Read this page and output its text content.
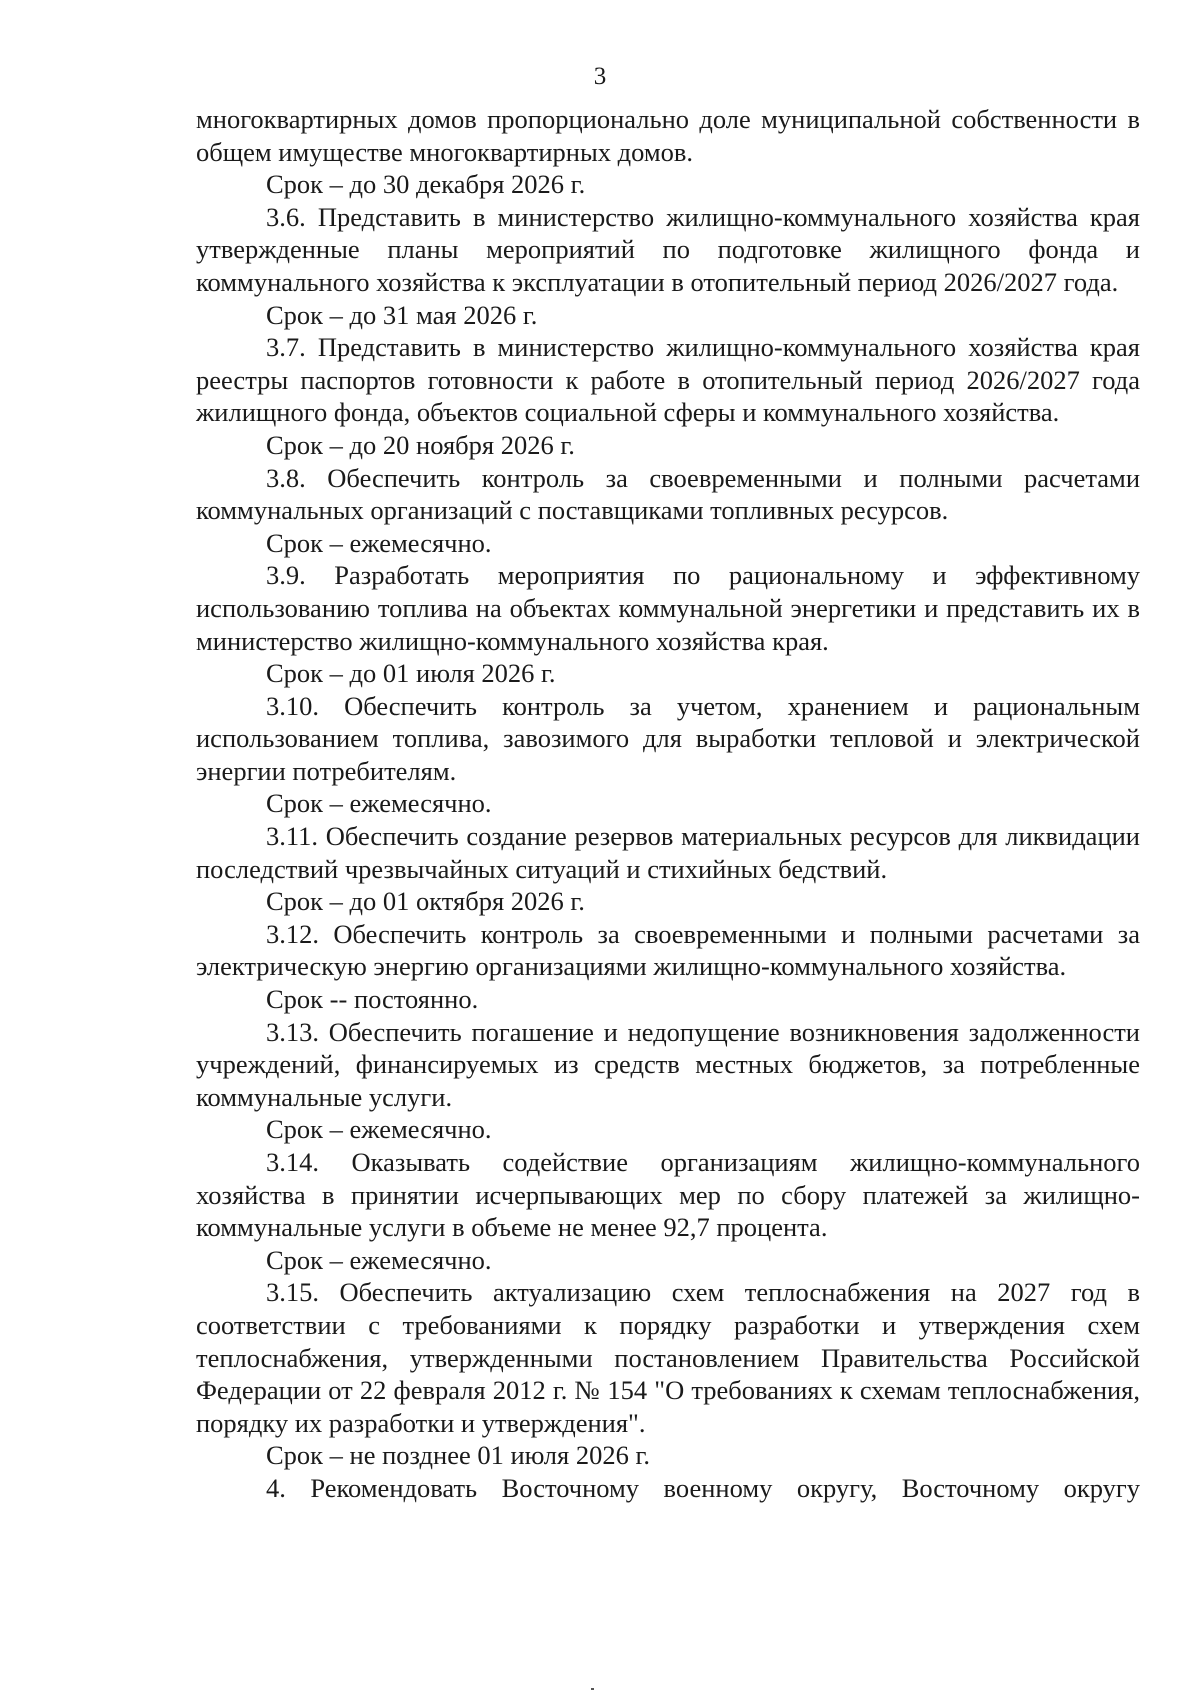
3

многоквартирных домов пропорционально доле муниципальной собственности в общем имуществе многоквартирных домов.

Срок – до 30 декабря 2026 г.

3.6. Представить в министерство жилищно-коммунального хозяйства края утвержденные планы мероприятий по подготовке жилищного фонда и коммунального хозяйства к эксплуатации в отопительный период 2026/2027 года.

Срок – до 31 мая 2026 г.

3.7. Представить в министерство жилищно-коммунального хозяйства края реестры паспортов готовности к работе в отопительный период 2026/2027 года жилищного фонда, объектов социальной сферы и коммунального хозяйства.

Срок – до 20 ноября 2026 г.

3.8. Обеспечить контроль за своевременными и полными расчетами коммунальных организаций с поставщиками топливных ресурсов.

Срок – ежемесячно.

3.9. Разработать мероприятия по рациональному и эффективному использованию топлива на объектах коммунальной энергетики и представить их в министерство жилищно-коммунального хозяйства края.

Срок – до 01 июля 2026 г.

3.10. Обеспечить контроль за учетом, хранением и рациональным использованием топлива, завозимого для выработки тепловой и электрической энергии потребителям.

Срок – ежемесячно.

3.11. Обеспечить создание резервов материальных ресурсов для ликвидации последствий чрезвычайных ситуаций и стихийных бедствий.

Срок – до 01 октября 2026 г.

3.12. Обеспечить контроль за своевременными и полными расчетами за электрическую энергию организациями жилищно-коммунального хозяйства.

Срок -- постоянно.

3.13. Обеспечить погашение и недопущение возникновения задолженности учреждений, финансируемых из средств местных бюджетов, за потребленные коммунальные услуги.

Срок – ежемесячно.

3.14. Оказывать содействие организациям жилищно-коммунального хозяйства в принятии исчерпывающих мер по сбору платежей за жилищно-коммунальные услуги в объеме не менее 92,7 процента.

Срок – ежемесячно.

3.15. Обеспечить актуализацию схем теплоснабжения на 2027 год в соответствии с требованиями к порядку разработки и утверждения схем теплоснабжения, утвержденными постановлением Правительства Российской Федерации от 22 февраля 2012 г. № 154 "О требованиях к схемам теплоснабжения, порядку их разработки и утверждения".

Срок – не позднее 01 июля 2026 г.

4. Рекомендовать Восточному военному округу, Восточному округу
